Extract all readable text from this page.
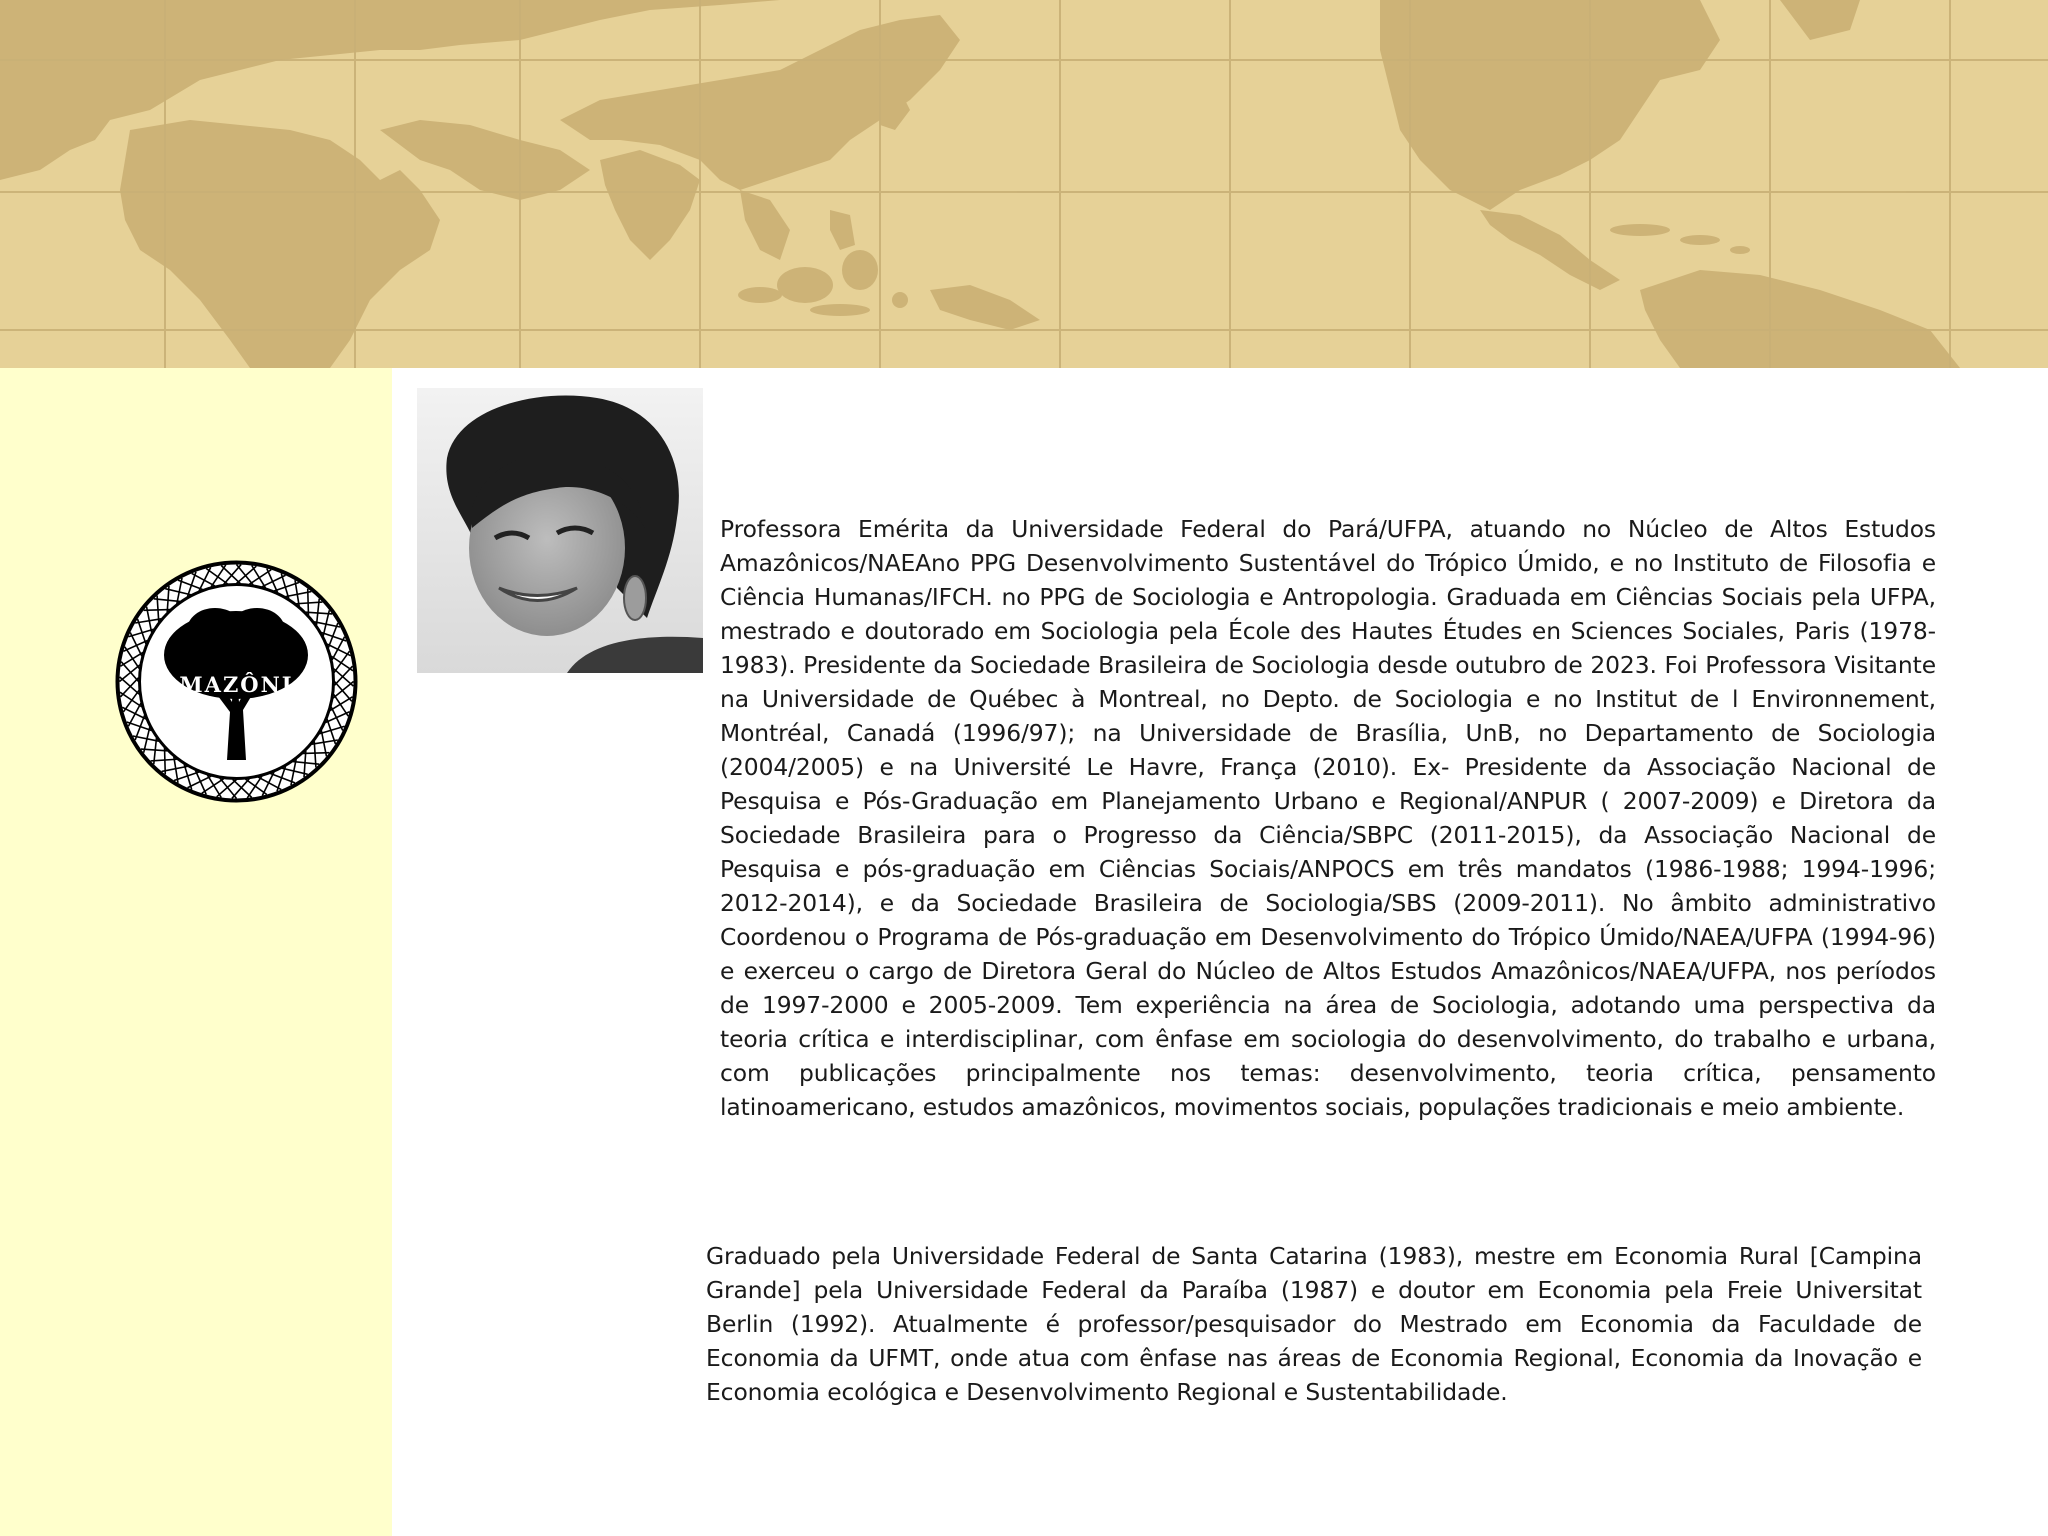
AMAZÔNIA

Professora Emérita da Universidade Federal do Pará/UFPA, atuando no Núcleo de Altos Estudos Amazônicos/NAEAno PPG Desenvolvimento Sustentável do Trópico Úmido, e no Instituto de Filosofia e Ciência Humanas/IFCH. no PPG de Sociologia e Antropologia. Graduada em Ciências Sociais pela UFPA, mestrado e doutorado em Sociologia pela École des Hautes Études en Sciences Sociales, Paris (1978-1983). Presidente da Sociedade Brasileira de Sociologia desde outubro de 2023. Foi Professora Visitante na Universidade de Québec à Montreal, no Depto. de Sociologia e no Institut de l Environnement, Montréal, Canadá (1996/97); na Universidade de Brasília, UnB, no Departamento de Sociologia (2004/2005) e na Université Le Havre, França (2010). Ex- Presidente da Associação Nacional de Pesquisa e Pós-Graduação em Planejamento Urbano e Regional/ANPUR ( 2007-2009) e Diretora da Sociedade Brasileira para o Progresso da Ciência/SBPC (2011-2015), da Associação Nacional de Pesquisa e pós-graduação em Ciências Sociais/ANPOCS em três mandatos (1986-1988; 1994-1996; 2012-2014), e da Sociedade Brasileira de Sociologia/SBS (2009-2011). No âmbito administrativo Coordenou o Programa de Pós-graduação em Desenvolvimento do Trópico Úmido/NAEA/UFPA (1994-96) e exerceu o cargo de Diretora Geral do Núcleo de Altos Estudos Amazônicos/NAEA/UFPA, nos períodos de 1997-2000 e 2005-2009. Tem experiência na área de Sociologia, adotando uma perspectiva da teoria crítica e interdisciplinar, com ênfase em sociologia do desenvolvimento, do trabalho e urbana, com publicações principalmente nos temas: desenvolvimento, teoria crítica, pensamento latinoamericano, estudos amazônicos, movimentos sociais, populações tradicionais e meio ambiente.

Graduado pela Universidade Federal de Santa Catarina (1983), mestre em Economia Rural [Campina Grande] pela Universidade Federal da Paraíba (1987) e doutor em Economia pela Freie Universitat Berlin (1992). Atualmente é professor/pesquisador do Mestrado em Economia da Faculdade de Economia da UFMT, onde atua com ênfase nas áreas de Economia Regional, Economia da Inovação e Economia ecológica e Desenvolvimento Regional e Sustentabilidade.
